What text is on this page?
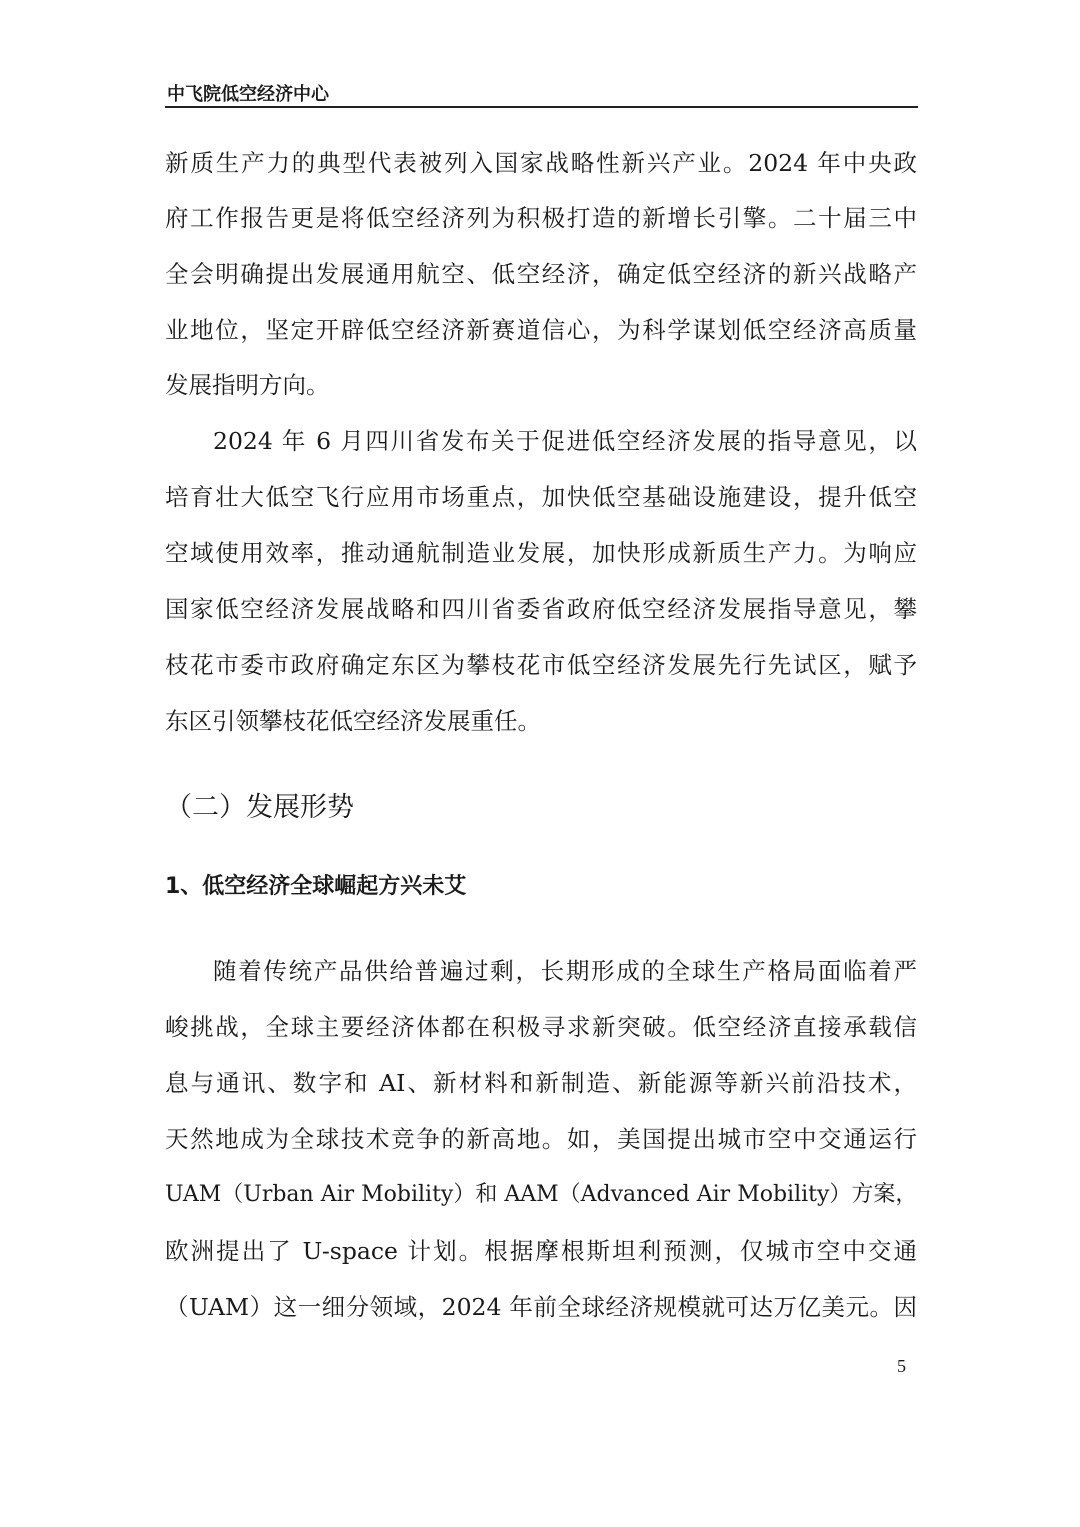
中飞院低空经济中心
新质生产力的典型代表被列入国家战略性新兴产业。2024 年中央政
府工作报告更是将低空经济列为积极打造的新增长引擎。二十届三中
全会明确提出发展通用航空、低空经济，确定低空经济的新兴战略产
业地位，坚定开辟低空经济新赛道信心，为科学谋划低空经济高质量
发展指明方向。
2024 年 6 月四川省发布关于促进低空经济发展的指导意见，以
培育壮大低空飞行应用市场重点，加快低空基础设施建设，提升低空
空域使用效率，推动通航制造业发展，加快形成新质生产力。为响应
国家低空经济发展战略和四川省委省政府低空经济发展指导意见，攀
枝花市委市政府确定东区为攀枝花市低空经济发展先行先试区，赋予
东区引领攀枝花低空经济发展重任。
（二）发展形势
1、低空经济全球崛起方兴未艾
随着传统产品供给普遍过剩，长期形成的全球生产格局面临着严
峻挑战，全球主要经济体都在积极寻求新突破。低空经济直接承载信
息与通讯、数字和 AI、新材料和新制造、新能源等新兴前沿技术，
天然地成为全球技术竞争的新高地。如，美国提出城市空中交通运行
UAM（Urban Air Mobility）和 AAM（Advanced Air Mobility）方案，
欧洲提出了 U-space 计划。根据摩根斯坦利预测，仅城市空中交通
（UAM）这一细分领域，2024 年前全球经济规模就可达万亿美元。因
5
